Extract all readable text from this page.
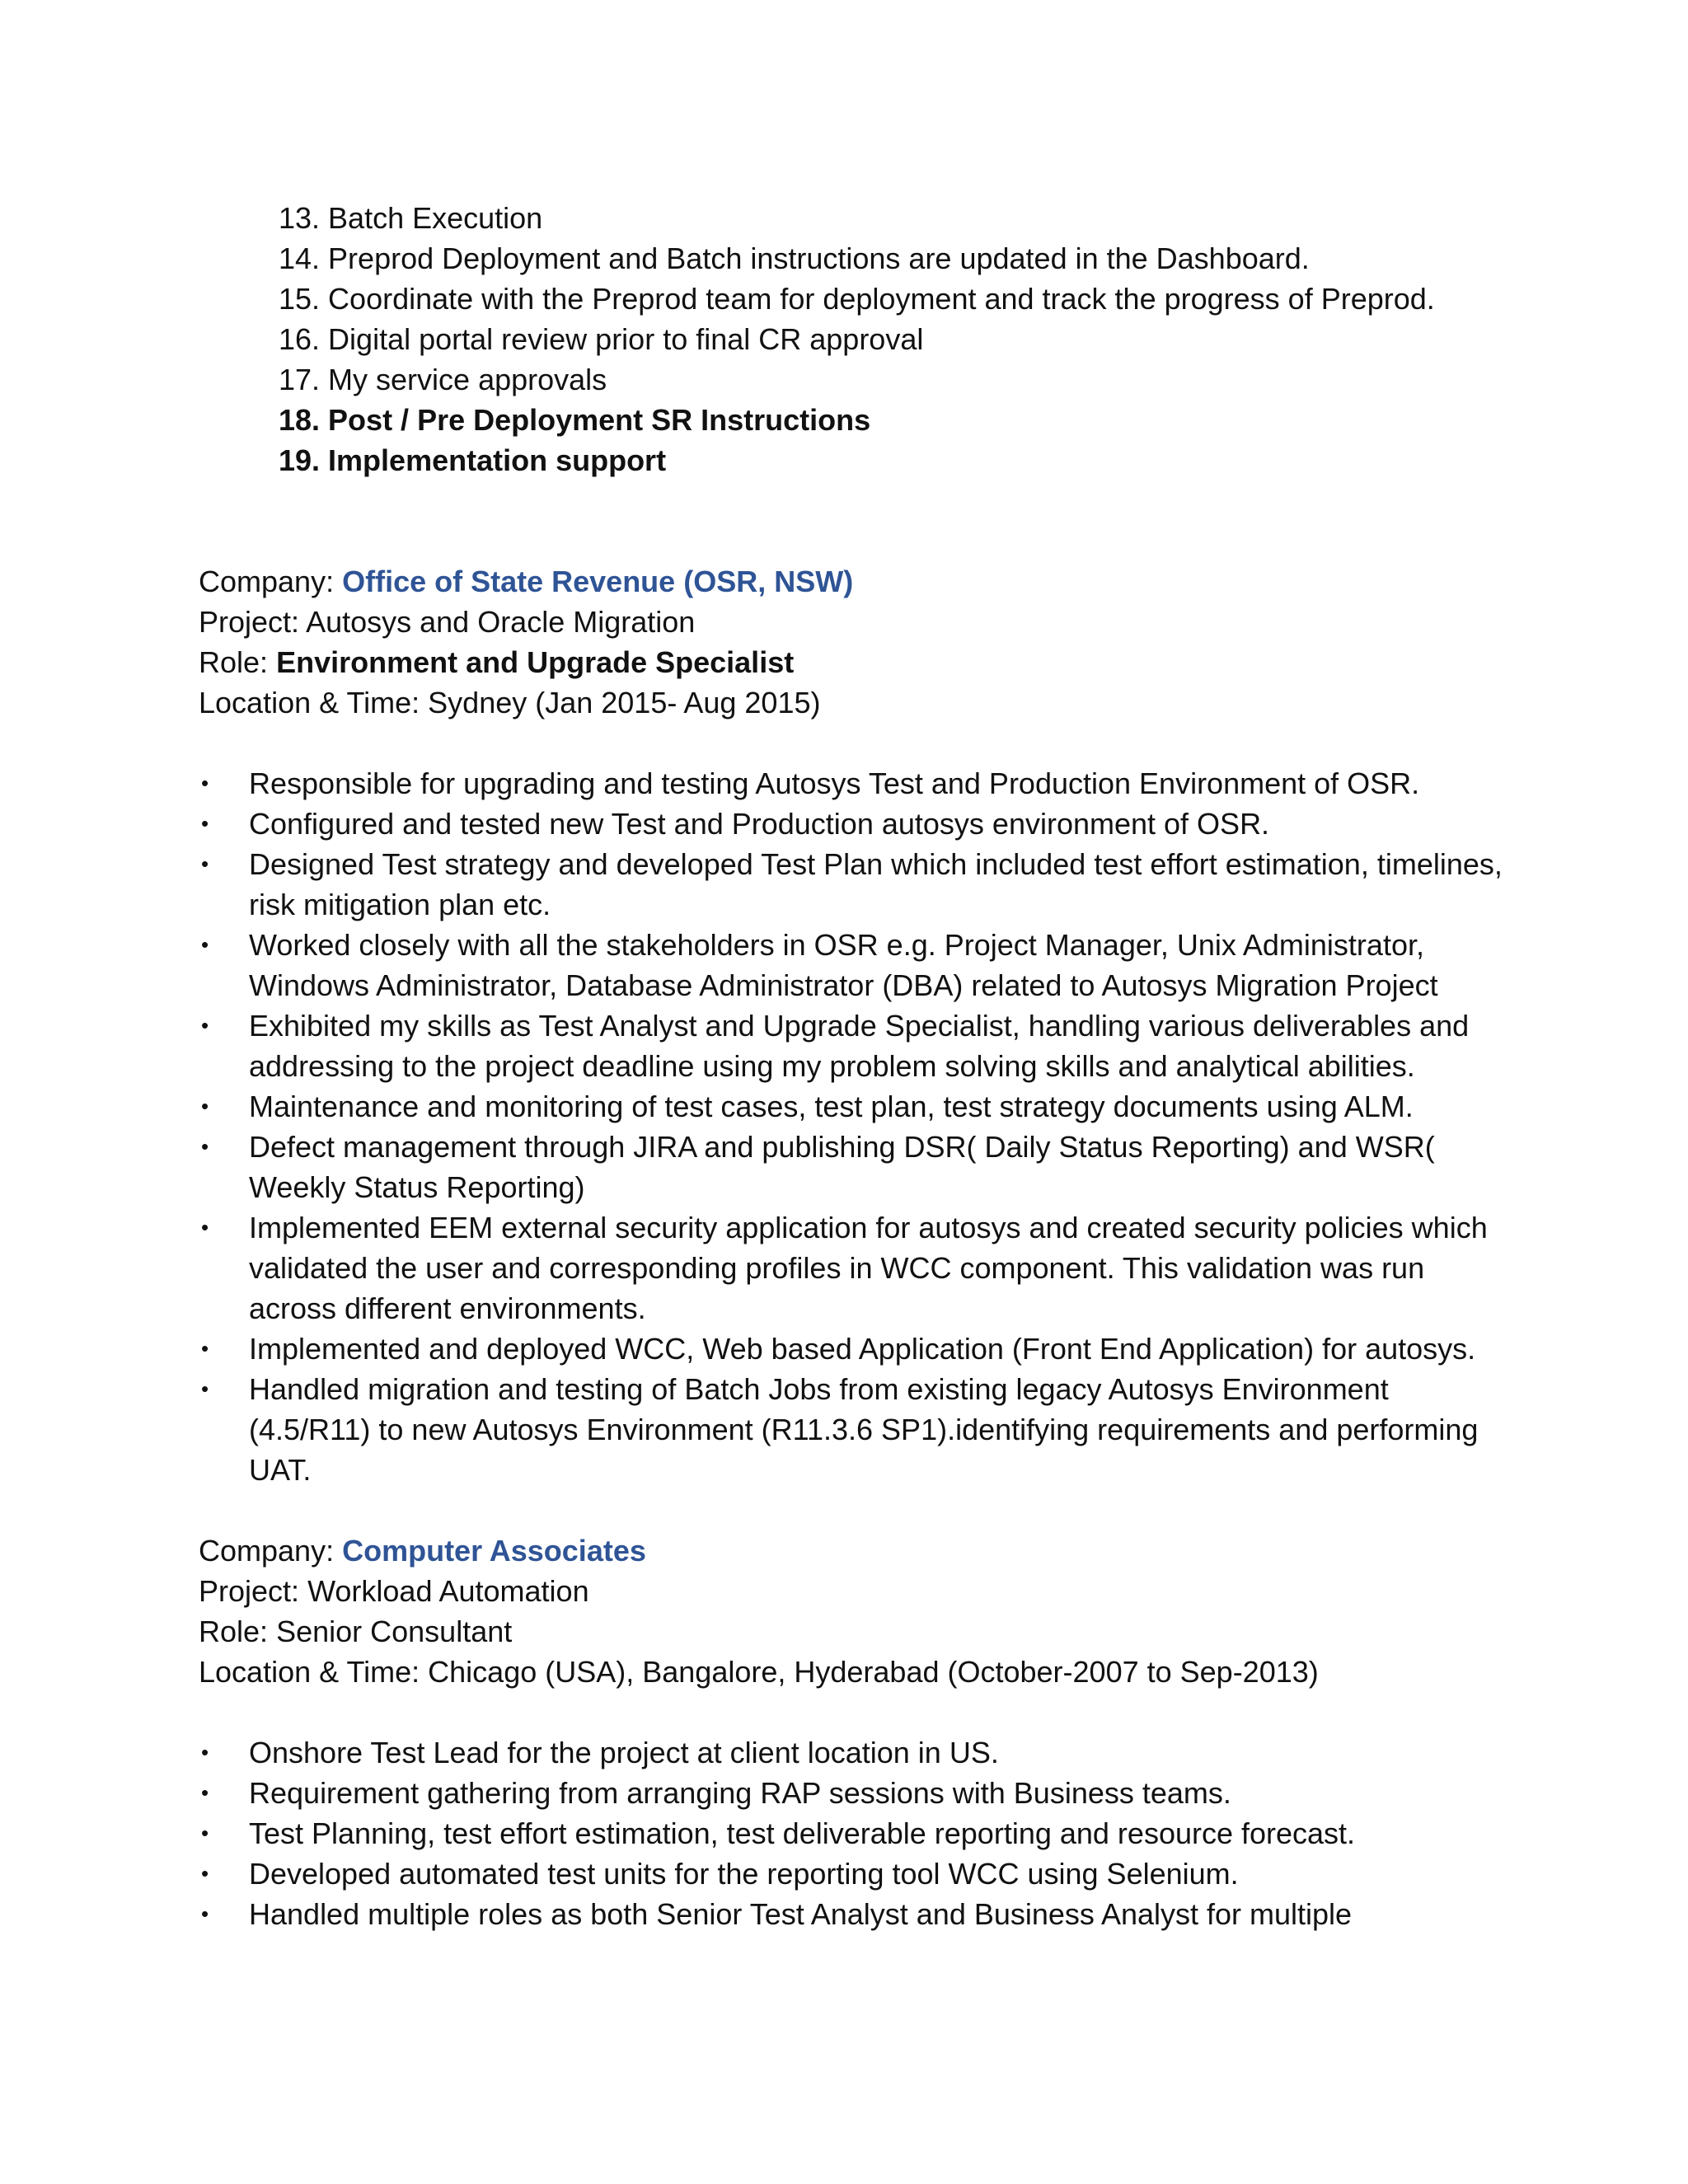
13. Batch Execution
14. Preprod Deployment and Batch instructions are updated in the Dashboard.
15. Coordinate with the Preprod team for deployment and track the progress of Preprod.
16. Digital portal review prior to final CR approval
17. My service approvals
18. Post / Pre Deployment SR Instructions
19. Implementation support
Company: Office of State Revenue (OSR, NSW)
Project: Autosys and Oracle Migration
Role: Environment and Upgrade Specialist
Location & Time: Sydney (Jan 2015- Aug 2015)
• Responsible for upgrading and testing Autosys Test and Production Environment of OSR.
• Configured and tested new Test and Production autosys environment of OSR.
• Designed Test strategy and developed Test Plan which included test effort estimation, timelines, risk mitigation plan etc.
• Worked closely with all the stakeholders in OSR e.g. Project Manager, Unix Administrator, Windows Administrator, Database Administrator (DBA) related to Autosys Migration Project
• Exhibited my skills as Test Analyst and Upgrade Specialist, handling various deliverables and addressing to the project deadline using my problem solving skills and analytical abilities.
• Maintenance and monitoring of test cases, test plan, test strategy documents using ALM.
• Defect management through JIRA and publishing DSR( Daily Status Reporting) and WSR( Weekly Status Reporting)
• Implemented EEM external security application for autosys and created security policies which validated the user and corresponding profiles in WCC component. This validation was run across different environments.
• Implemented and deployed WCC, Web based Application (Front End Application) for autosys.
• Handled migration and testing of Batch Jobs from existing legacy Autosys Environment (4.5/R11) to new Autosys Environment (R11.3.6 SP1).identifying requirements and performing UAT.
Company: Computer Associates
Project: Workload Automation
Role: Senior Consultant
Location & Time: Chicago (USA), Bangalore, Hyderabad (October-2007 to Sep-2013)
• Onshore Test Lead for the project at client location in US.
• Requirement gathering from arranging RAP sessions with Business teams.
• Test Planning, test effort estimation, test deliverable reporting and resource forecast.
• Developed automated test units for the reporting tool WCC using Selenium.
• Handled multiple roles as both Senior Test Analyst and Business Analyst for multiple
